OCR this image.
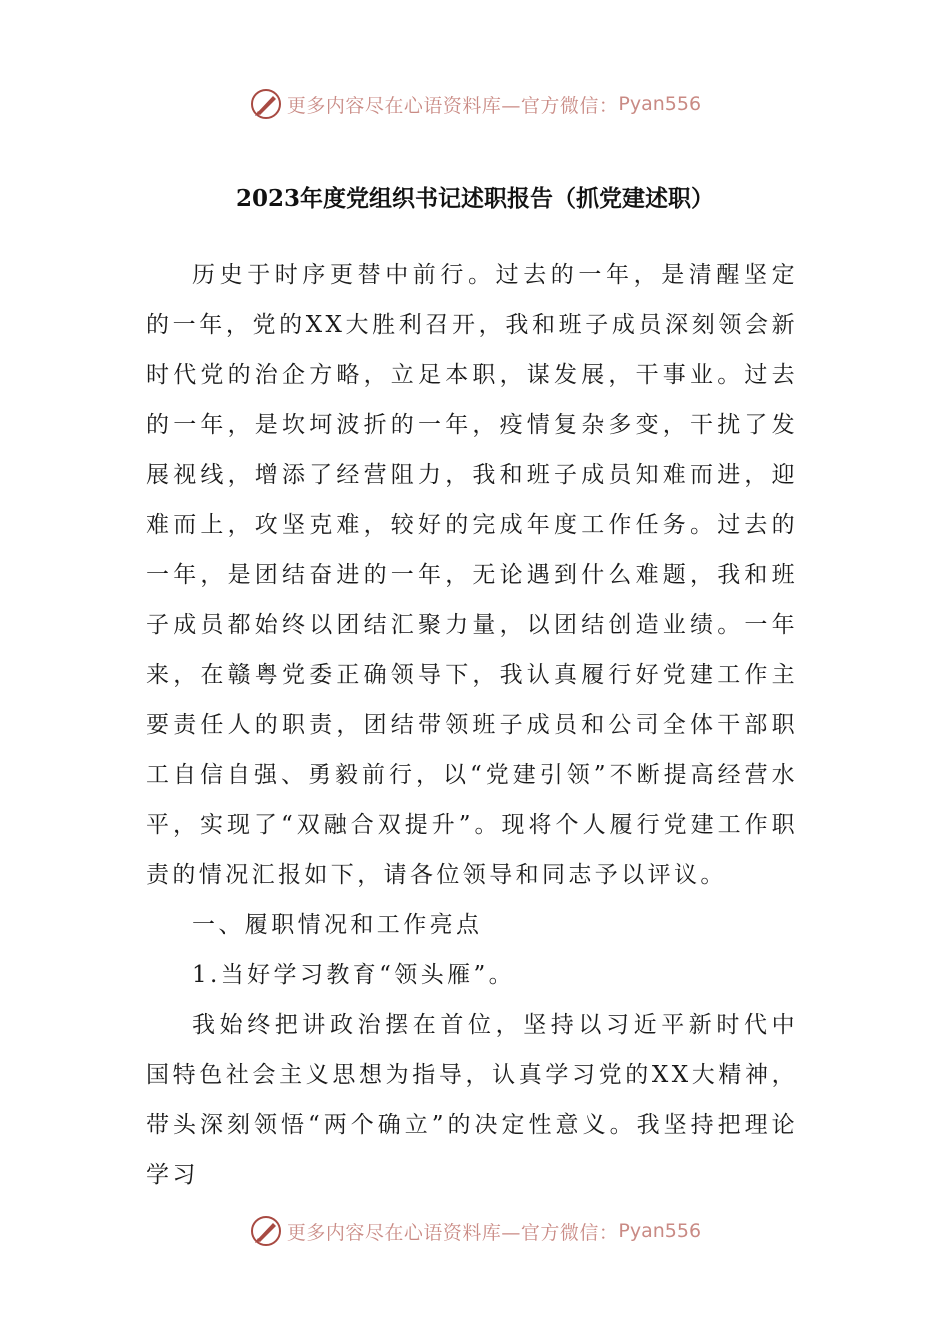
更多内容尽在心语资料库—官方微信： Pyan556
2023年度党组织书记述职报告（抓党建述职）

历史于时序更替中前行。过去的一年，是清醒坚定的一年，党的XX大胜利召开，我和班子成员深刻领会新时代党的治企方略，立足本职，谋发展，干事业。过去的一年，是坎坷波折的一年，疫情复杂多变，干扰了发展视线，增添了经营阻力，我和班子成员知难而进，迎难而上，攻坚克难，较好的完成年度工作任务。过去的一年，是团结奋进的一年，无论遇到什么难题，我和班子成员都始终以团结汇聚力量，以团结创造业绩。一年来，在赣粤党委正确领导下，我认真履行好党建工作主要责任人的职责，团结带领班子成员和公司全体干部职工自信自强、勇毅前行，以“党建引领”不断提高经营水平，实现了“双融合双提升”。现将个人履行党建工作职责的情况汇报如下，请各位领导和同志予以评议。

一、履职情况和工作亮点

1.当好学习教育“领头雁”。

我始终把讲政治摆在首位，坚持以习近平新时代中国特色社会主义思想为指导，认真学习党的XX大精神，带头深刻领悟“两个确立”的决定性意义。我坚持把理论学习

更多内容尽在心语资料库—官方微信： Pyan556
